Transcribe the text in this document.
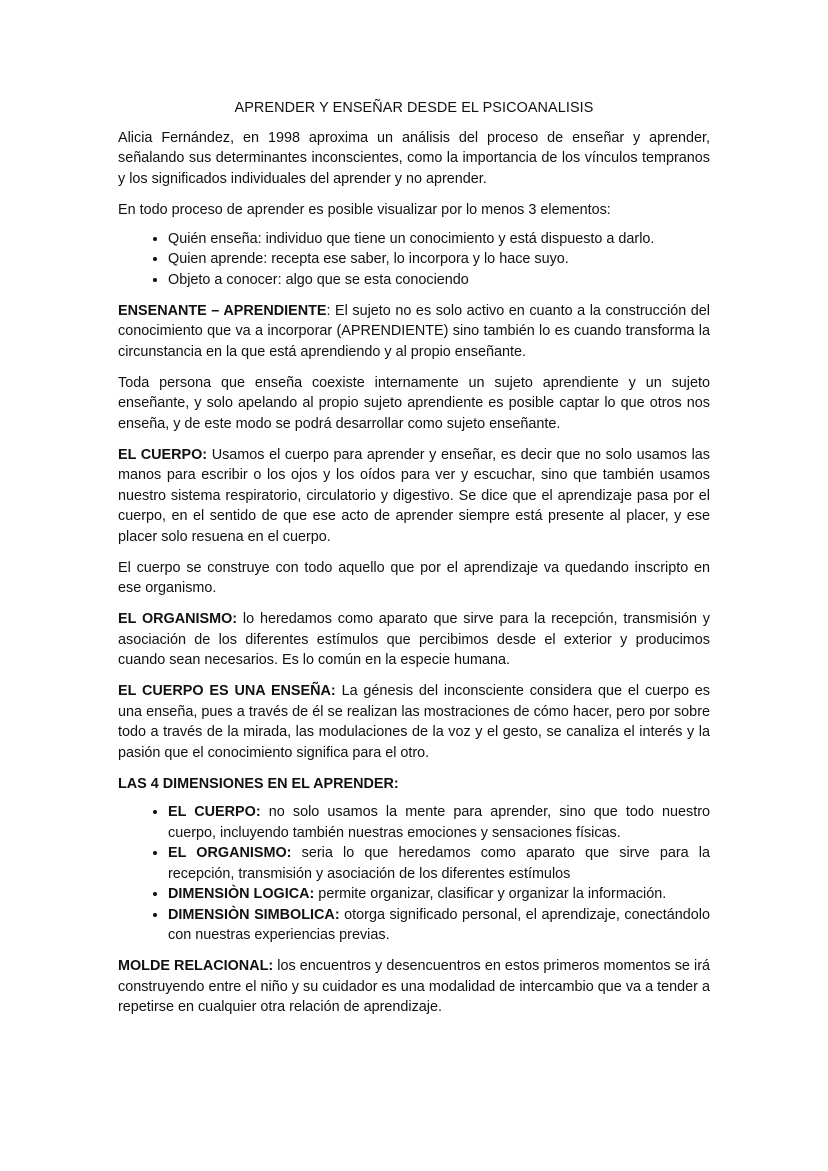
APRENDER Y ENSEÑAR DESDE EL PSICOANALISIS

Alicia Fernández, en 1998 aproxima un análisis del proceso de enseñar y aprender, señalando sus determinantes inconscientes, como la importancia de los vínculos tempranos y los significados individuales del aprender y no aprender.

En todo proceso de aprender es posible visualizar por lo menos 3 elementos:

• Quién enseña: individuo que tiene un conocimiento y está dispuesto a darlo.
• Quien aprende: recepta ese saber, lo incorpora y lo hace suyo.
• Objeto a conocer: algo que se esta conociendo

ENSENANTE – APRENDIENTE: El sujeto no es solo activo en cuanto a la construcción del conocimiento que va a incorporar (APRENDIENTE) sino también lo es cuando transforma la circunstancia en la que está aprendiendo y al propio enseñante.

Toda persona que enseña coexiste internamente un sujeto aprendiente y un sujeto enseñante, y solo apelando al propio sujeto aprendiente es posible captar lo que otros nos enseña, y de este modo se podrá desarrollar como sujeto enseñante.

EL CUERPO: Usamos el cuerpo para aprender y enseñar, es decir que no solo usamos las manos para escribir o los ojos y los oídos para ver y escuchar, sino que también usamos nuestro sistema respiratorio, circulatorio y digestivo. Se dice que el aprendizaje pasa por el cuerpo, en el sentido de que ese acto de aprender siempre está presente al placer, y ese placer solo resuena en el cuerpo.

El cuerpo se construye con todo aquello que por el aprendizaje va quedando inscripto en ese organismo.

EL ORGANISMO: lo heredamos como aparato que sirve para la recepción, transmisión y asociación de los diferentes estímulos que percibimos desde el exterior y producimos cuando sean necesarios. Es lo común en la especie humana.

EL CUERPO ES UNA ENSEÑA: La génesis del inconsciente considera que el cuerpo es una enseña, pues a través de él se realizan las mostraciones de cómo hacer, pero por sobre todo a través de la mirada, las modulaciones de la voz y el gesto, se canaliza el interés y la pasión que el conocimiento significa para el otro.

LAS 4 DIMENSIONES EN EL APRENDER:

• EL CUERPO: no solo usamos la mente para aprender, sino que todo nuestro cuerpo, incluyendo también nuestras emociones y sensaciones físicas.
• EL ORGANISMO: seria lo que heredamos como aparato que sirve para la recepción, transmisión y asociación de los diferentes estímulos
• DIMENSIÒN LOGICA: permite organizar, clasificar y organizar la información.
• DIMENSIÒN SIMBOLICA: otorga significado personal, el aprendizaje, conectándolo con nuestras experiencias previas.

MOLDE RELACIONAL: los encuentros y desencuentros en estos primeros momentos se irá construyendo entre el niño y su cuidador es una modalidad de intercambio que va a tender a repetirse en cualquier otra relación de aprendizaje.
